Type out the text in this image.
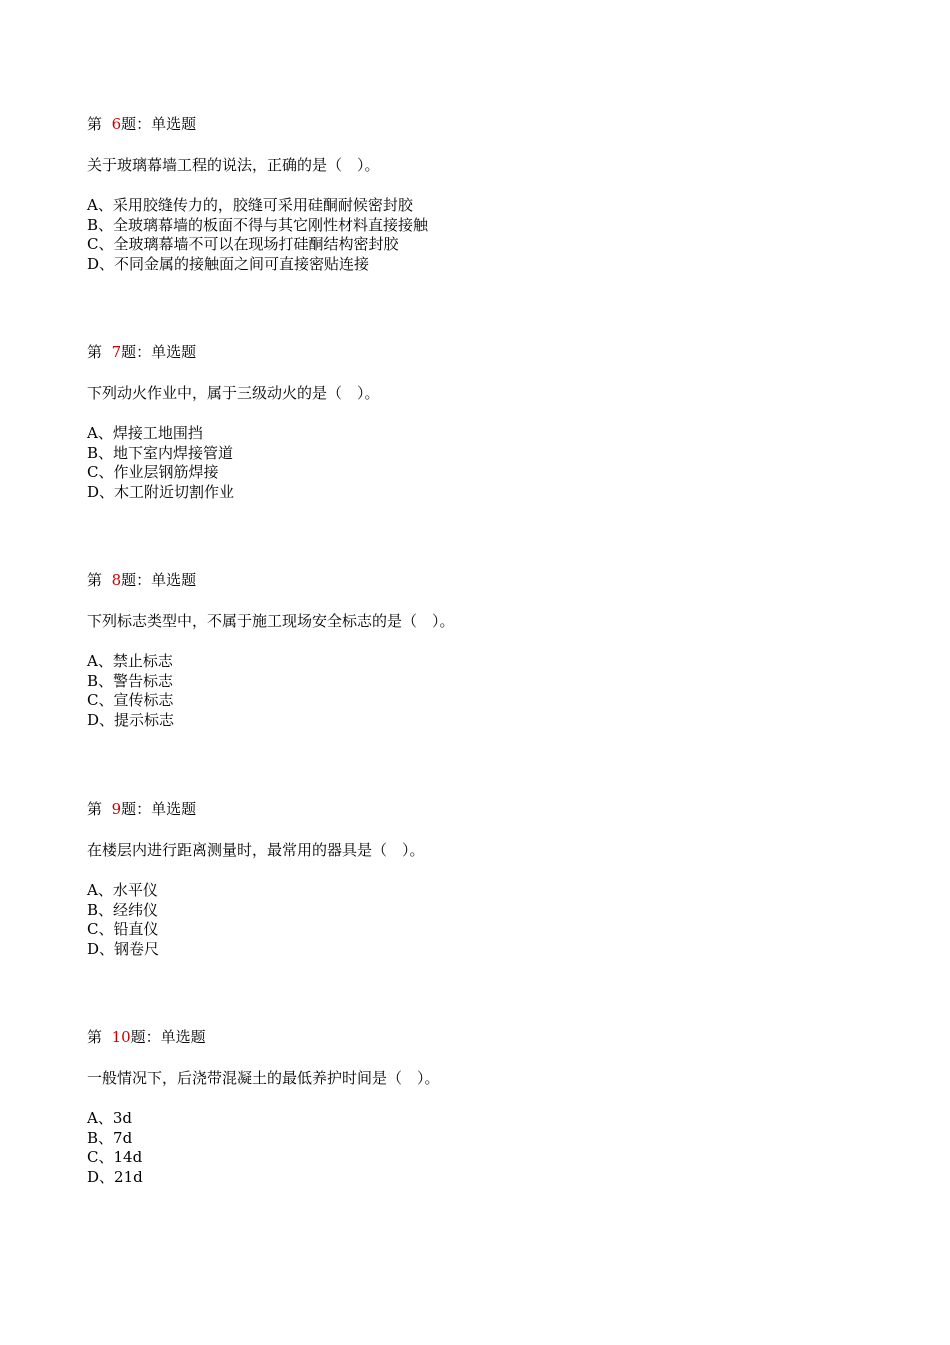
第 6题：单选题
关于玻璃幕墙工程的说法，正确的是（　）。
A、采用胶缝传力的，胶缝可采用硅酮耐候密封胶
B、全玻璃幕墙的板面不得与其它刚性材料直接接触
C、全玻璃幕墙不可以在现场打硅酮结构密封胶
D、不同金属的接触面之间可直接密贴连接
第 7题：单选题
下列动火作业中，属于三级动火的是（　）。
A、焊接工地围挡
B、地下室内焊接管道
C、作业层钢筋焊接
D、木工附近切割作业
第 8题：单选题
下列标志类型中，不属于施工现场安全标志的是（　）。
A、禁止标志
B、警告标志
C、宣传标志
D、提示标志
第 9题：单选题
在楼层内进行距离测量时，最常用的器具是（　）。
A、水平仪
B、经纬仪
C、铅直仪
D、钢卷尺
第 10题：单选题
一般情况下，后浇带混凝土的最低养护时间是（　）。
A、3d
B、7d
C、14d
D、21d
